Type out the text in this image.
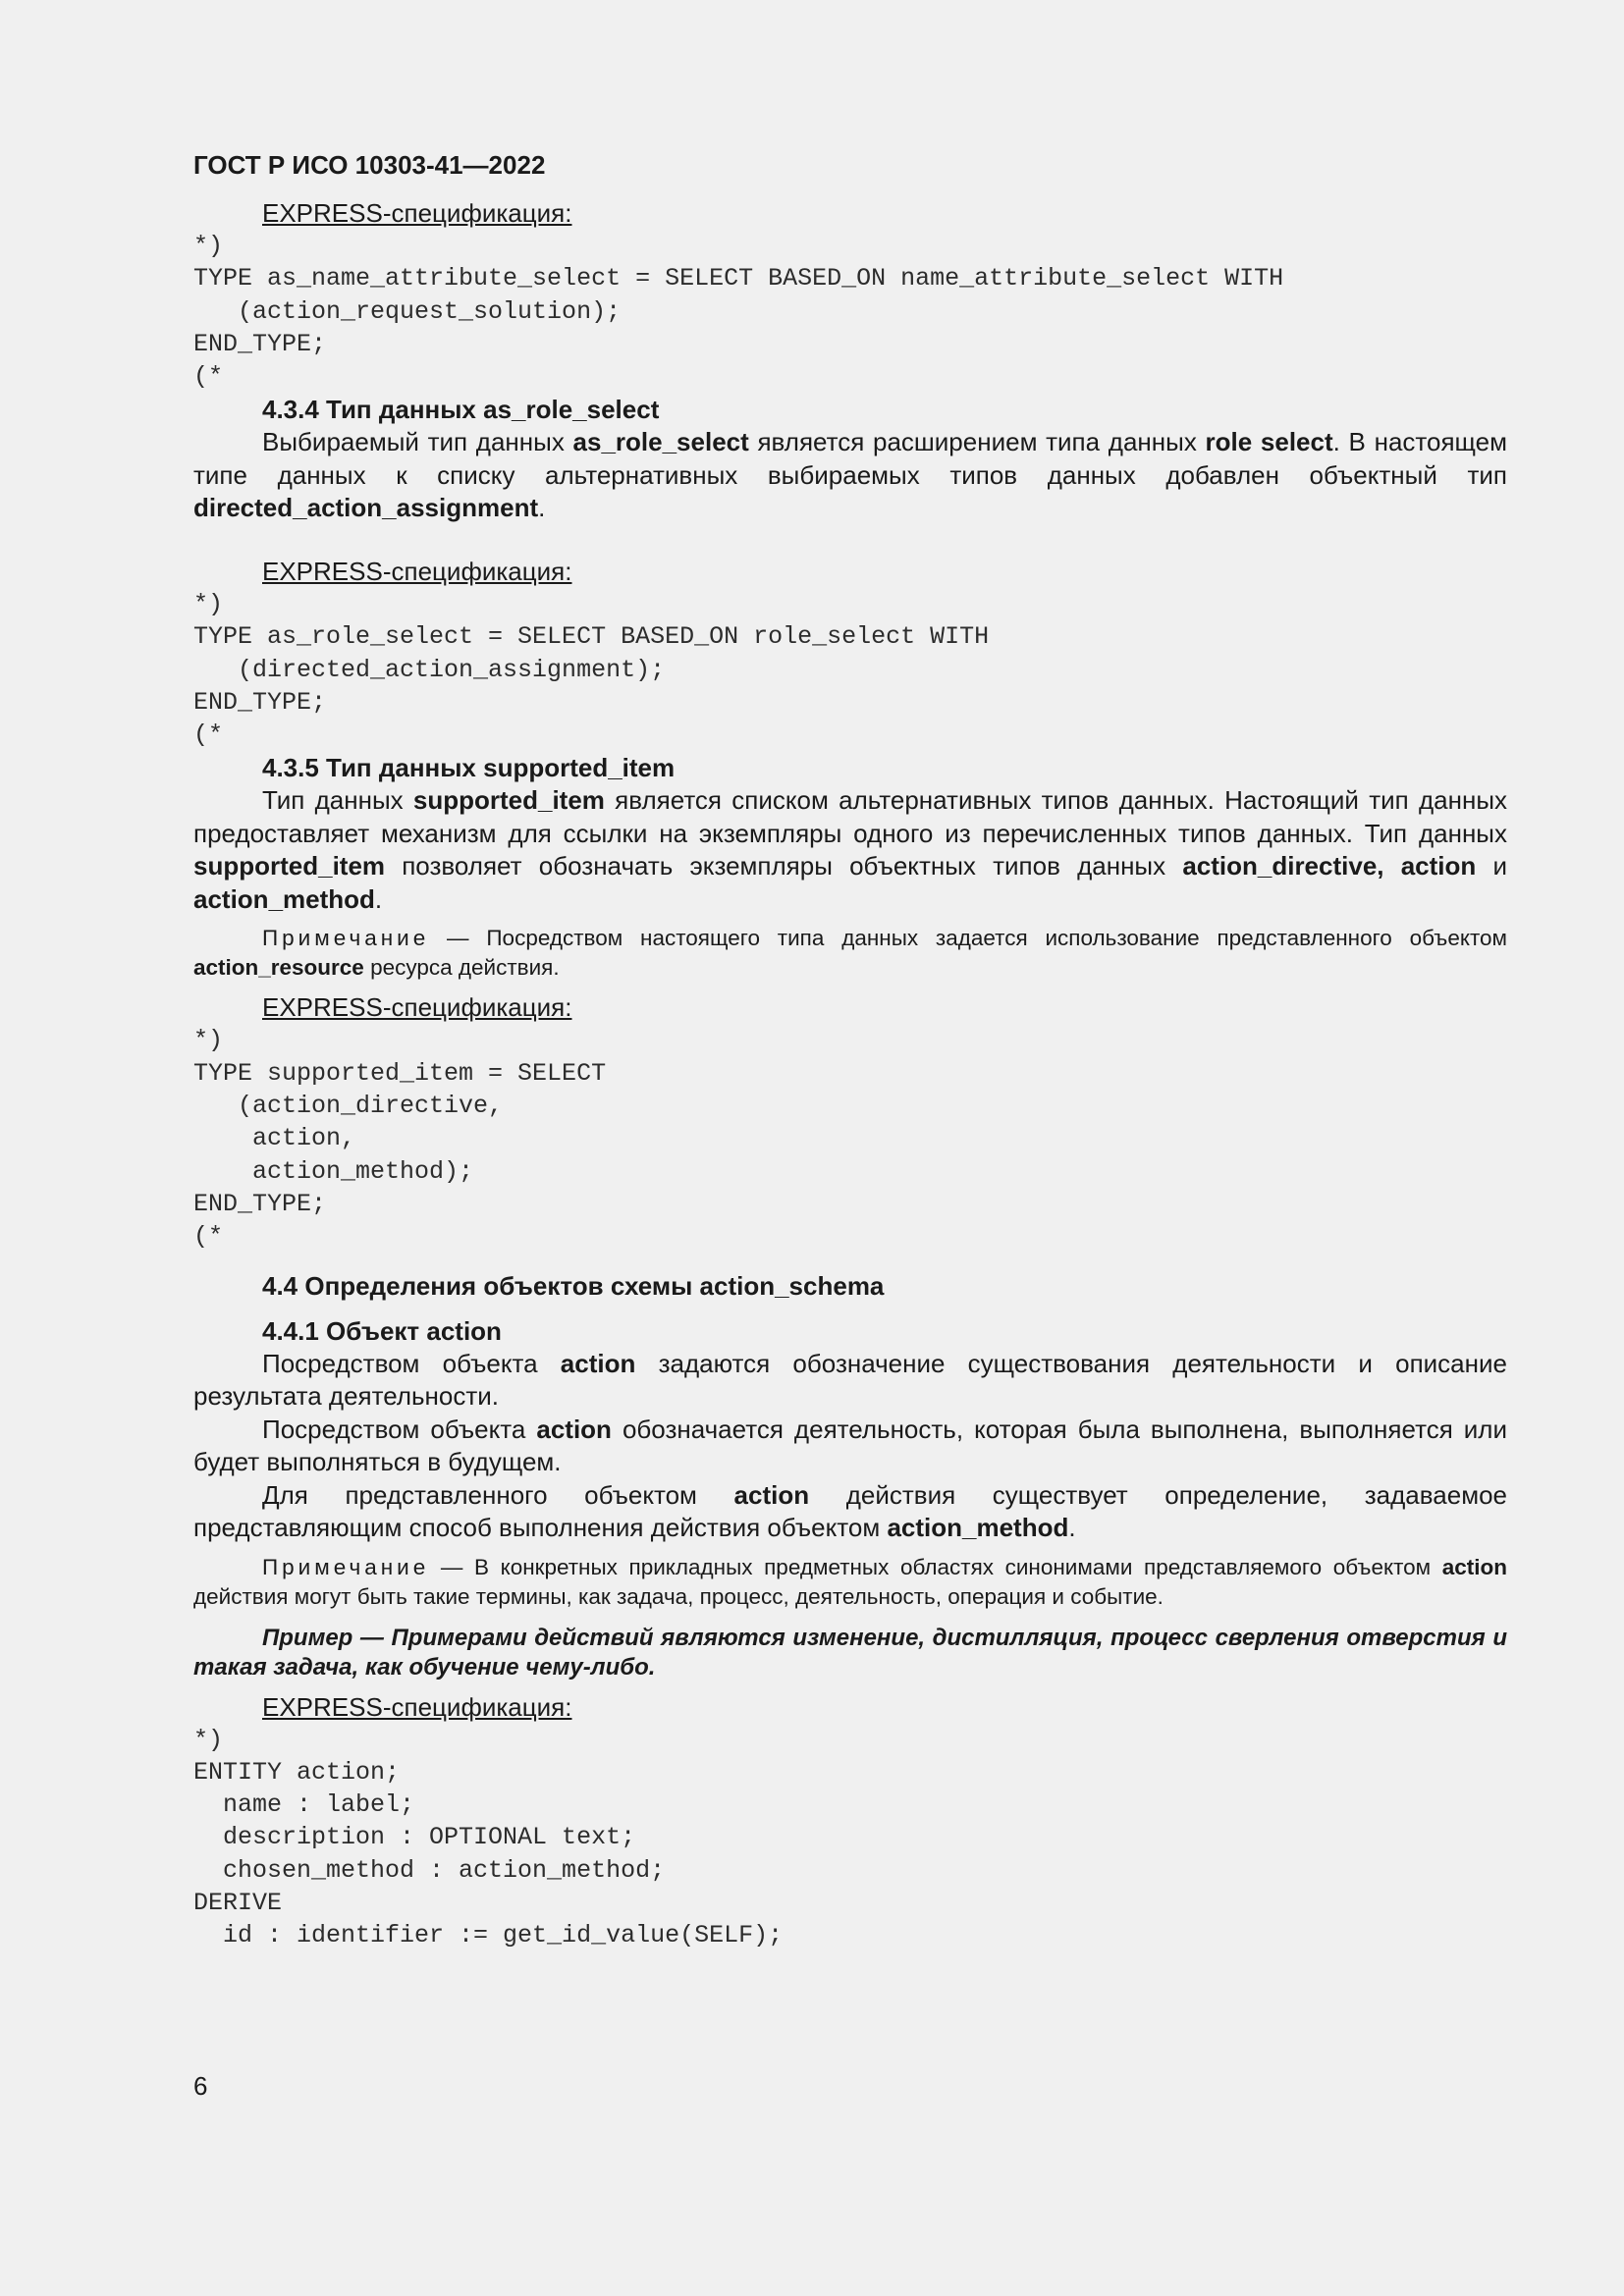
ГОСТ Р ИСО 10303-41—2022
EXPRESS-спецификация:
*)
TYPE as_name_attribute_select = SELECT BASED_ON name_attribute_select WITH
(action_request_solution);
END_TYPE;
(*
4.3.4 Тип данных as_role_select
Выбираемый тип данных as_role_select является расширением типа данных role select. В настоящем типе данных к списку альтернативных выбираемых типов данных добавлен объектный тип directed_action_assignment.
EXPRESS-спецификация:
*)
TYPE as_role_select = SELECT BASED_ON role_select WITH
(directed_action_assignment);
END_TYPE;
(*
4.3.5 Тип данных supported_item
Тип данных supported_item является списком альтернативных типов данных. Настоящий тип данных предоставляет механизм для ссылки на экземпляры одного из перечисленных типов данных. Тип данных supported_item позволяет обозначать экземпляры объектных типов данных action_directive, action и action_method.
Примечание — Посредством настоящего типа данных задается использование представленного объектом action_resource ресурса действия.
EXPRESS-спецификация:
*)
TYPE supported_item = SELECT
(action_directive,
action,
action_method);
END_TYPE;
(*
4.4 Определения объектов схемы action_schema
4.4.1 Объект action
Посредством объекта action задаются обозначение существования деятельности и описание результата деятельности.
Посредством объекта action обозначается деятельность, которая была выполнена, выполняется или будет выполняться в будущем.
Для представленного объектом action действия существует определение, задаваемое представляющим способ выполнения действия объектом action_method.
Примечание — В конкретных прикладных предметных областях синонимами представляемого объектом action действия могут быть такие термины, как задача, процесс, деятельность, операция и событие.
Пример — Примерами действий являются изменение, дистилляция, процесс сверления отверстия и такая задача, как обучение чему-либо.
EXPRESS-спецификация:
*)
ENTITY action;
name : label;
description : OPTIONAL text;
chosen_method : action_method;
DERIVE
id : identifier := get_id_value(SELF);
6
